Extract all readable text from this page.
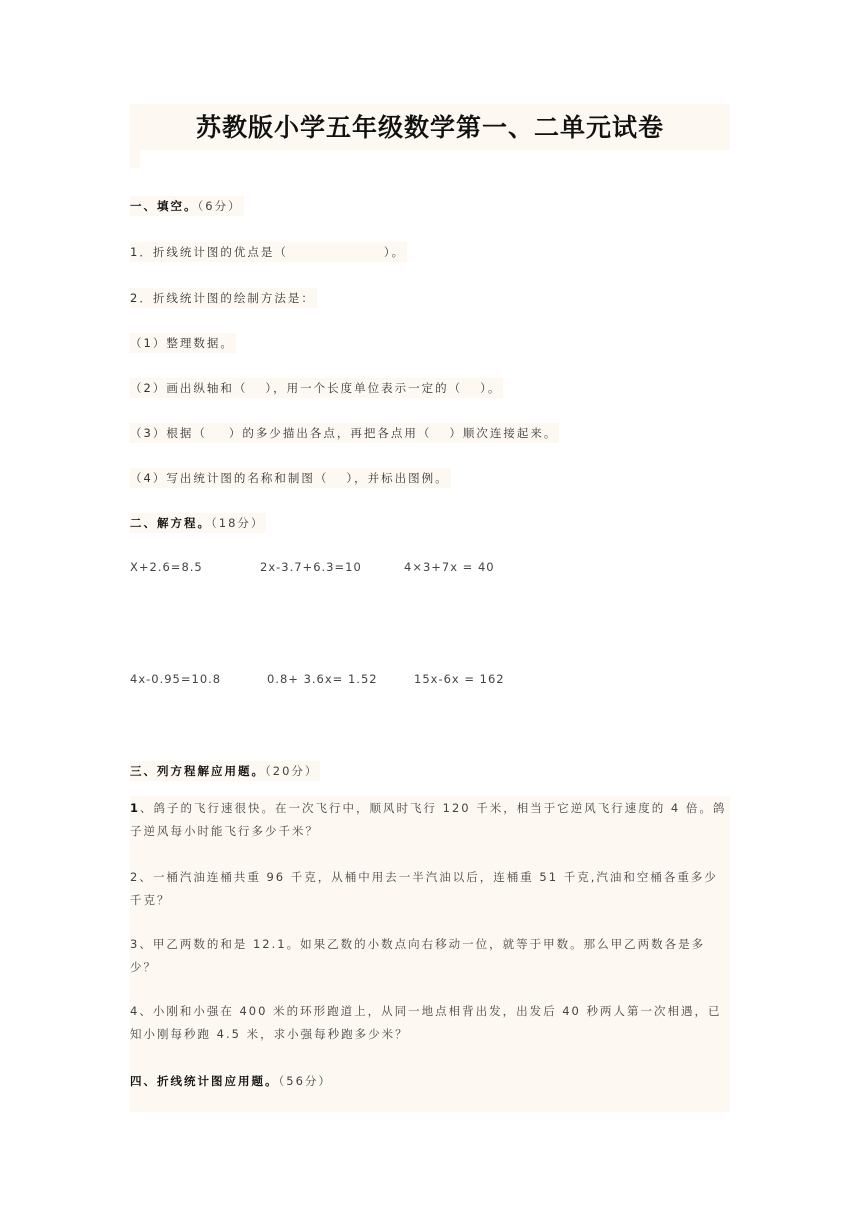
苏教版小学五年级数学第一、二单元试卷
一、填空。（6分）
1．折线统计图的优点是（	）。
2．折线统计图的绘制方法是：
（1）整理数据。
（2）画出纵轴和（ ），用一个长度单位表示一定的（ ）。
（3）根据（ ）的多少描出各点，再把各点用（ ）顺次连接起来。
（4）写出统计图的名称和制图（ ），并标出图例。
二、解方程。（18分）
X+2.6=8.5	2x-3.7+6.3=10	4×3+7x = 40
4x-0.95=10.8	0.8+ 3.6x= 1.52	15x-6x = 162
三、列方程解应用题。（20分）
1、鸽子的飞行速很快。在一次飞行中，顺风时飞行 120 千米，相当于它逆风飞行速度的 4 倍。鸽子逆风每小时能飞行多少千米？
2、一桶汽油连桶共重 96 千克，从桶中用去一半汽油以后，连桶重 51 千克,汽油和空桶各重多少千克？
3、甲乙两数的和是 12.1。如果乙数的小数点向右移动一位，就等于甲数。那么甲乙两数各是多少？
4、小刚和小强在 400 米的环形跑道上，从同一地点相背出发，出发后 40 秒两人第一次相遇，已知小刚每秒跑 4.5 米，求小强每秒跑多少米？
四、折线统计图应用题。（56分）
